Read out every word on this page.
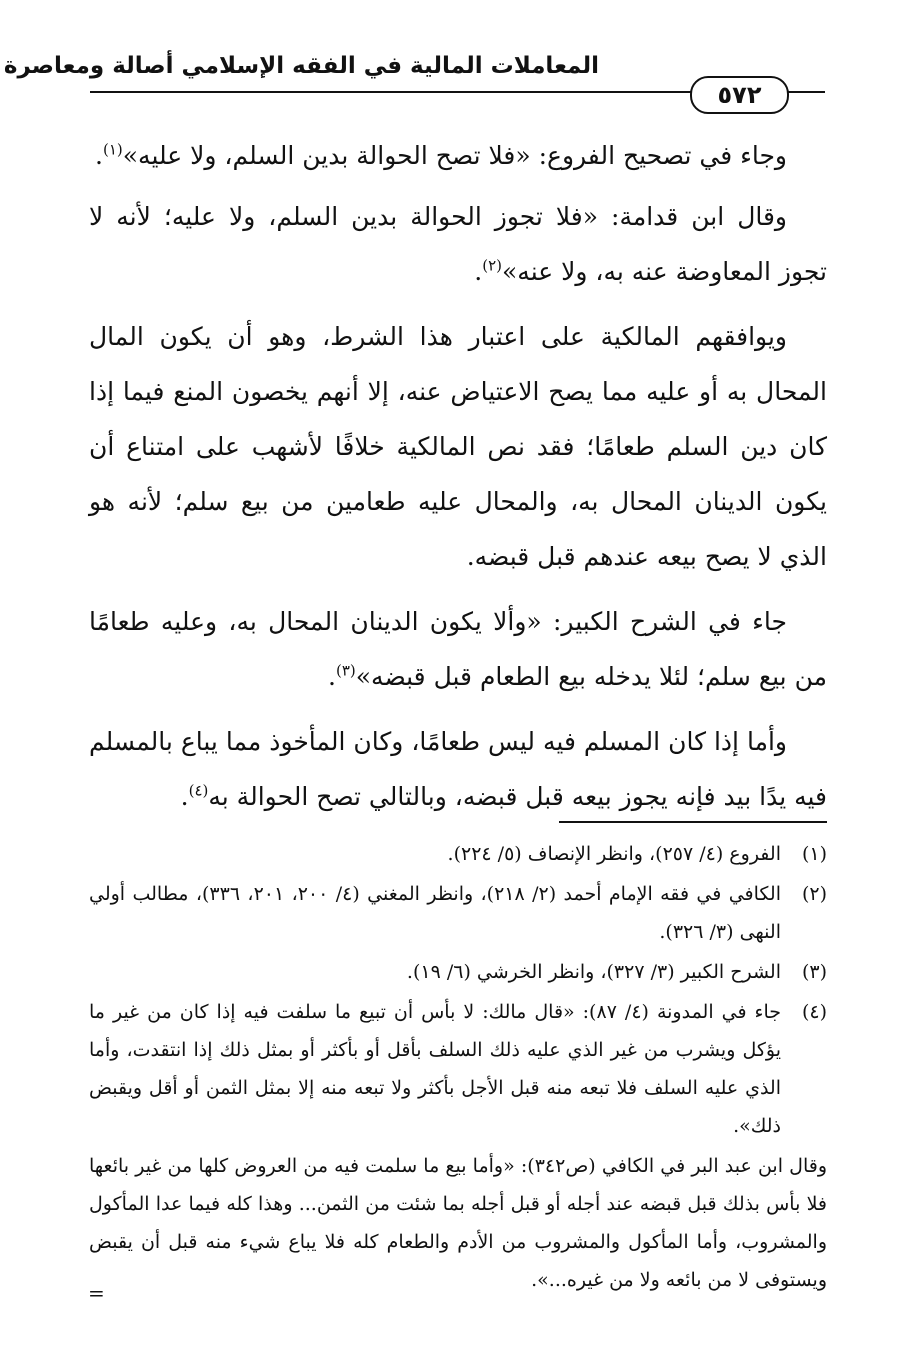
المعاملات المالية في الفقه الإسلامي أصالة ومعاصرة
٥٧٢

وجاء في تصحيح الفروع: «فلا تصح الحوالة بدين السلم، ولا عليه»$^{(١)}$.

وقال ابن قدامة: «فلا تجوز الحوالة بدين السلم، ولا عليه؛ لأنه لا تجوز المعاوضة عنه به، ولا عنه»$^{(٢)}$.

ويوافقهم المالكية على اعتبار هذا الشرط، وهو أن يكون المال المحال به أو عليه مما يصح الاعتياض عنه، إلا أنهم يخصون المنع فيما إذا كان دين السلم طعامًا؛ فقد نص المالكية خلافًا لأشهب على امتناع أن يكون الدينان المحال به، والمحال عليه طعامين من بيع سلم؛ لأنه هو الذي لا يصح بيعه عندهم قبل قبضه.

جاء في الشرح الكبير: «وألا يكون الدينان المحال به، وعليه طعامًا من بيع سلم؛ لئلا يدخله بيع الطعام قبل قبضه»$^{(٣)}$.

وأما إذا كان المسلم فيه ليس طعامًا، وكان المأخوذ مما يباع بالمسلم فيه يدًا بيد فإنه يجوز بيعه قبل قبضه، وبالتالي تصح الحوالة به$^{(٤)}$.

(١)
الفروع (٤/ ٢٥٧)، وانظر الإنصاف (٥/ ٢٢٤).
(٢)
الكافي في فقه الإمام أحمد (٢/ ٢١٨)، وانظر المغني (٤/ ٢٠٠، ٢٠١، ٣٣٦)، مطالب أولي النهى (٣/ ٣٢٦).
(٣)
الشرح الكبير (٣/ ٣٢٧)، وانظر الخرشي (٦/ ١٩).
(٤)
جاء في المدونة (٤/ ٨٧): «قال مالك: لا بأس أن تبيع ما سلفت فيه إذا كان من غير ما يؤكل ويشرب من غير الذي عليه ذلك السلف بأقل أو بأكثر أو بمثل ذلك إذا انتقدت، وأما الذي عليه السلف فلا تبعه منه قبل الأجل بأكثر ولا تبعه منه إلا بمثل الثمن أو أقل ويقبض ذلك».

وقال ابن عبد البر في الكافي (ص٣٤٢): «وأما بيع ما سلمت فيه من العروض كلها من غير بائعها فلا بأس بذلك قبل قبضه عند أجله أو قبل أجله بما شئت من الثمن... وهذا كله فيما عدا المأكول والمشروب، وأما المأكول والمشروب من الأدم والطعام كله فلا يباع شيء منه قبل أن يقبض ويستوفى لا من بائعه ولا من غيره...».

=
